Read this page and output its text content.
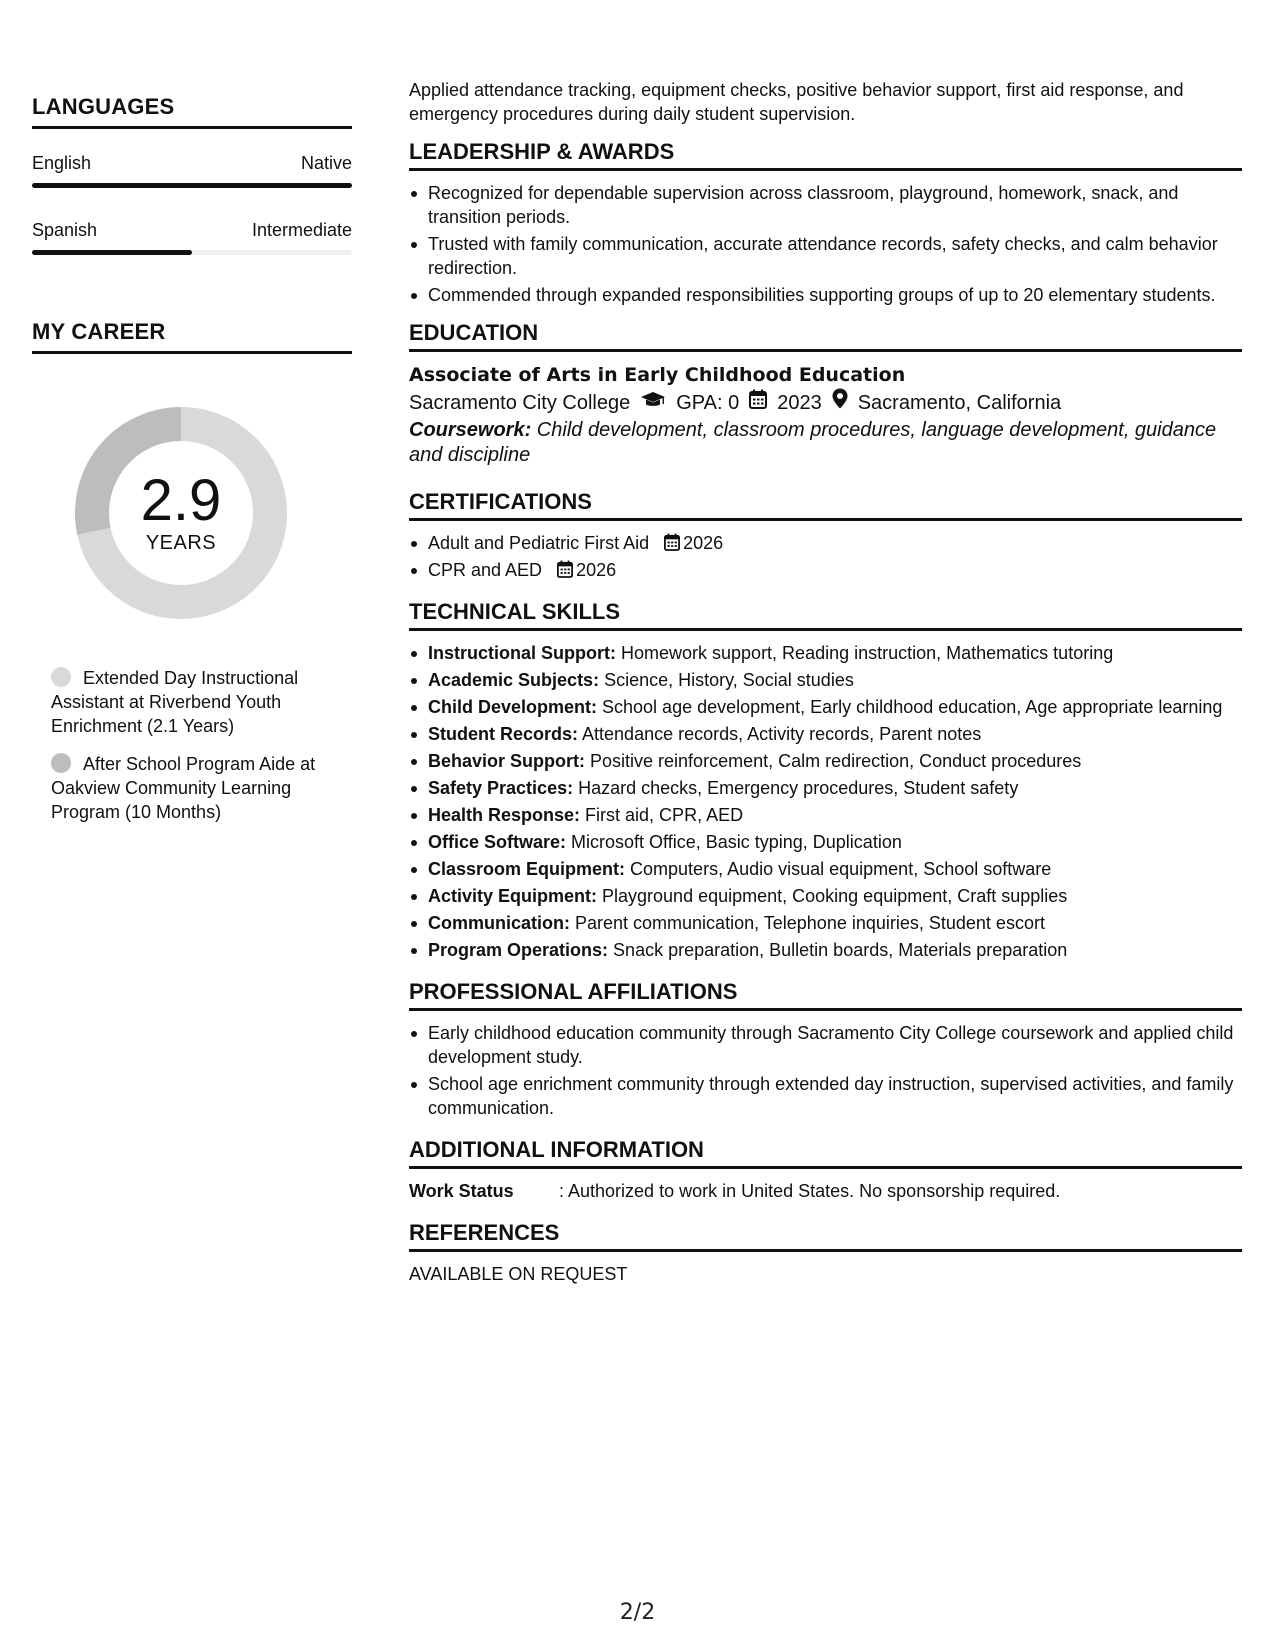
LANGUAGES
English	Native
Spanish	Intermediate
MY CAREER
2.9
YEARS
Extended Day Instructional Assistant at Riverbend Youth Enrichment (2.1 Years)
After School Program Aide at Oakview Community Learning Program (10 Months)

Applied attendance tracking, equipment checks, positive behavior support, first aid response, and emergency procedures during daily student supervision.

LEADERSHIP & AWARDS
Recognized for dependable supervision across classroom, playground, homework, snack, and transition periods.
Trusted with family communication, accurate attendance records, safety checks, and calm behavior redirection.
Commended through expanded responsibilities supporting groups of up to 20 elementary students.
EDUCATION
Associate of Arts in Early Childhood Education
Sacramento City College GPA: 0 2023 Sacramento, California
Coursework: Child development, classroom procedures, language development, guidance and discipline
CERTIFICATIONS
Adult and Pediatric First Aid 2026
CPR and AED 2026
TECHNICAL SKILLS
Instructional Support: Homework support, Reading instruction, Mathematics tutoring
Academic Subjects: Science, History, Social studies
Child Development: School age development, Early childhood education, Age appropriate learning
Student Records: Attendance records, Activity records, Parent notes
Behavior Support: Positive reinforcement, Calm redirection, Conduct procedures
Safety Practices: Hazard checks, Emergency procedures, Student safety
Health Response: First aid, CPR, AED
Office Software: Microsoft Office, Basic typing, Duplication
Classroom Equipment: Computers, Audio visual equipment, School software
Activity Equipment: Playground equipment, Cooking equipment, Craft supplies
Communication: Parent communication, Telephone inquiries, Student escort
Program Operations: Snack preparation, Bulletin boards, Materials preparation
PROFESSIONAL AFFILIATIONS
Early childhood education community through Sacramento City College coursework and applied child development study.
School age enrichment community through extended day instruction, supervised activities, and family communication.
ADDITIONAL INFORMATION
Work Status	: Authorized to work in United States. No sponsorship required.
REFERENCES
AVAILABLE ON REQUEST
2/2
